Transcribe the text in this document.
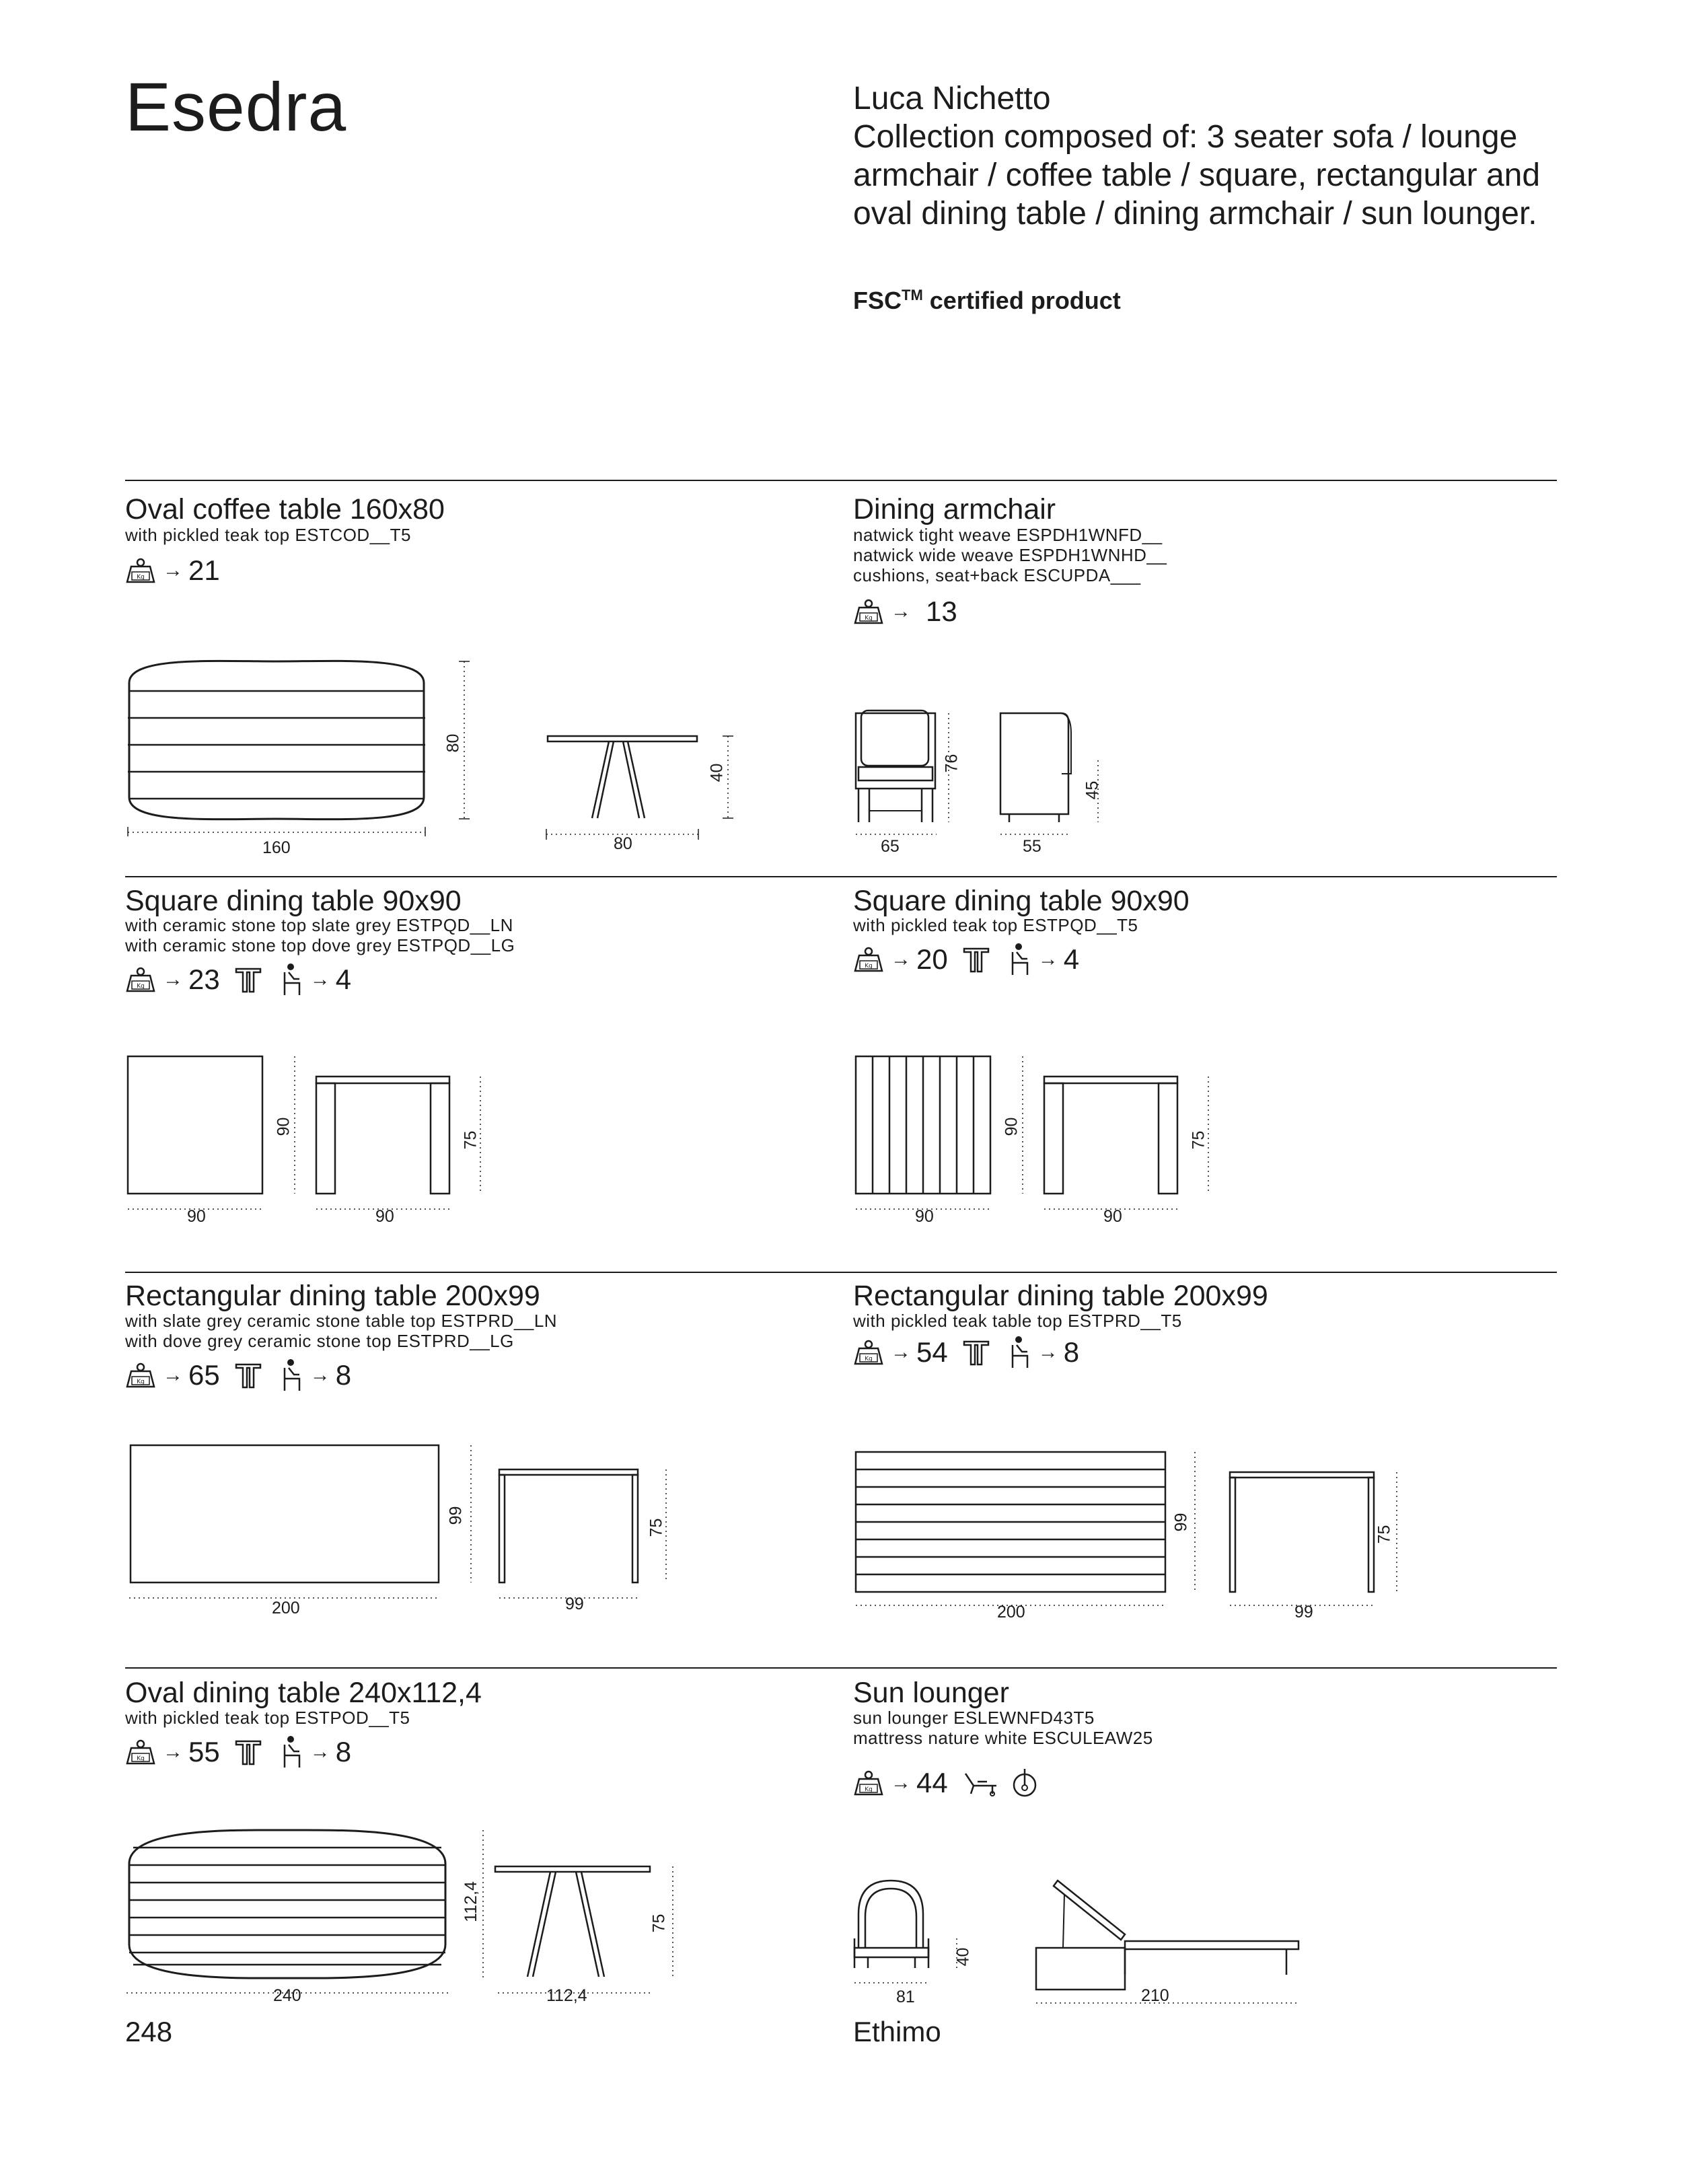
Esedra	Luca Nichetto
Collection composed of: 3 seater sofa / lounge armchair / coffee table / square, rectangular and oval dining table / dining armchair / sun lounger.
FSC™ certified product
Oval coffee table 160x80
with pickled teak top ESTCOD__T5
Kg → 21
160
80
80
40
Dining armchair
natwick tight weave ESPDH1WNFD__
natwick wide weave ESPDH1WNHD__
cushions, seat+back ESCUPDA___
Kg → 13
65
76
55
45
Square dining table 90x90
with ceramic stone top slate grey ESTPQD__LN
with ceramic stone top dove grey ESTPQD__LG
Kg → 23	→ 4
90
90
90
75
Square dining table 90x90
with pickled teak top ESTPQD__T5
Kg → 20	→ 4
90
90
90
75
Rectangular dining table 200x99
with slate grey ceramic stone table top ESTPRD__LN
with dove grey ceramic stone top ESTPRD__LG
Kg → 65	→ 8
200
99
99
75
Rectangular dining table 200x99
with pickled teak table top ESTPRD__T5
Kg → 54	→ 8
200
99
99
75
Oval dining table 240x112,4
with pickled teak top ESTPOD__T5
Kg → 55	→ 8
240
112,4
112,4
75
Sun lounger
sun lounger ESLEWNFD43T5
mattress nature white ESCULEAW25
Kg → 44
81
40
210
248	Ethimo
